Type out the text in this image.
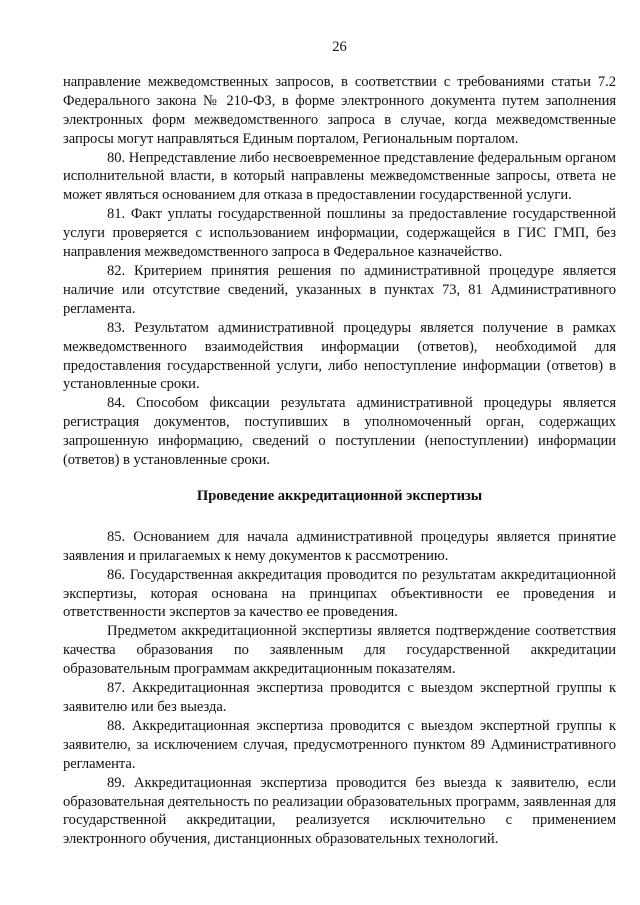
26

направление межведомственных запросов, в соответствии с требованиями статьи 7.2 Федерального закона № 210-ФЗ, в форме электронного документа путем заполнения электронных форм межведомственного запроса в случае, когда межведомственные запросы могут направляться Единым порталом, Региональным порталом.

80. Непредставление либо несвоевременное представление федеральным органом исполнительной власти, в который направлены межведомственные запросы, ответа не может являться основанием для отказа в предоставлении государственной услуги.

81. Факт уплаты государственной пошлины за предоставление государственной услуги проверяется с использованием информации, содержащейся в ГИС ГМП, без направления межведомственного запроса в Федеральное казначейство.

82. Критерием принятия решения по административной процедуре является наличие или отсутствие сведений, указанных в пунктах 73, 81 Административного регламента.

83. Результатом административной процедуры является получение в рамках межведомственного взаимодействия информации (ответов), необходимой для предоставления государственной услуги, либо непоступление информации (ответов) в установленные сроки.

84. Способом фиксации результата административной процедуры является регистрация документов, поступивших в уполномоченный орган, содержащих запрошенную информацию, сведений о поступлении (непоступлении) информации (ответов) в установленные сроки.

Проведение аккредитационной экспертизы

85. Основанием для начала административной процедуры является принятие заявления и прилагаемых к нему документов к рассмотрению.

86. Государственная аккредитация проводится по результатам аккредитационной экспертизы, которая основана на принципах объективности ее проведения и ответственности экспертов за качество ее проведения.

Предметом аккредитационной экспертизы является подтверждение соответствия качества образования по заявленным для государственной аккредитации образовательным программам аккредитационным показателям.

87. Аккредитационная экспертиза проводится с выездом экспертной группы к заявителю или без выезда.

88. Аккредитационная экспертиза проводится с выездом экспертной группы к заявителю, за исключением случая, предусмотренного пунктом 89 Административного регламента.

89. Аккредитационная экспертиза проводится без выезда к заявителю, если образовательная деятельность по реализации образовательных программ, заявленная для государственной аккредитации, реализуется исключительно с применением электронного обучения, дистанционных образовательных технологий.
